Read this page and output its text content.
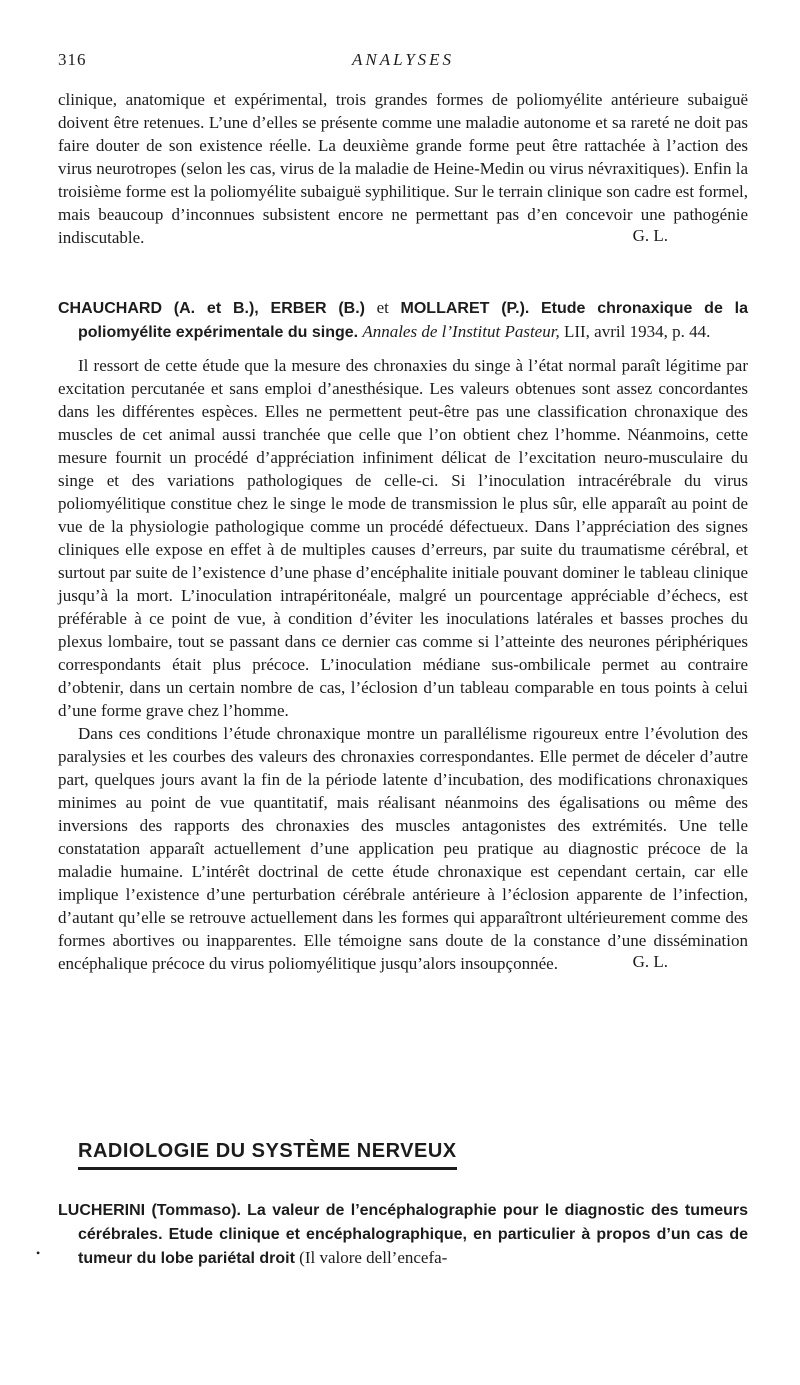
316	ANALYSES

clinique, anatomique et expérimental, trois grandes formes de poliomyélite antérieure subaiguë doivent être retenues. L’une d’elles se présente comme une maladie autonome et sa rareté ne doit pas faire douter de son existence réelle. La deuxième grande forme peut être rattachée à l’action des virus neurotropes (selon les cas, virus de la maladie de Heine-Medin ou virus névraxitiques). Enfin la troisième forme est la poliomyélite subaiguë syphilitique. Sur le terrain clinique son cadre est formel, mais beaucoup d’inconnues subsistent encore ne permettant pas d’en concevoir une pathogénie indiscutable.	G. L.

CHAUCHARD (A. et B.), ERBER (B.) et MOLLARET (P.). Etude chronaxique de la poliomyélite expérimentale du singe. Annales de l’Institut Pasteur, LII, avril 1934, p. 44.

Il ressort de cette étude que la mesure des chronaxies du singe à l’état normal paraît légitime par excitation percutanée et sans emploi d’anesthésique. Les valeurs obtenues sont assez concordantes dans les différentes espèces. Elles ne permettent peut-être pas une classification chronaxique des muscles de cet animal aussi tranchée que celle que l’on obtient chez l’homme. Néanmoins, cette mesure fournit un procédé d’appréciation infiniment délicat de l’excitation neuro-musculaire du singe et des variations pathologiques de celle-ci. Si l’inoculation intracérébrale du virus poliomyélitique constitue chez le singe le mode de transmission le plus sûr, elle apparaît au point de vue de la physiologie pathologique comme un procédé défectueux. Dans l’appréciation des signes cliniques elle expose en effet à de multiples causes d’erreurs, par suite du traumatisme cérébral, et surtout par suite de l’existence d’une phase d’encéphalite initiale pouvant dominer le tableau clinique jusqu’à la mort. L’inoculation intrapéritonéale, malgré un pourcentage appréciable d’échecs, est préférable à ce point de vue, à condition d’éviter les inoculations latérales et basses proches du plexus lombaire, tout se passant dans ce dernier cas comme si l’atteinte des neurones périphériques correspondants était plus précoce. L’inoculation médiane sus-ombilicale permet au contraire d’obtenir, dans un certain nombre de cas, l’éclosion d’un tableau comparable en tous points à celui d’une forme grave chez l’homme.

Dans ces conditions l’étude chronaxique montre un parallélisme rigoureux entre l’évolution des paralysies et les courbes des valeurs des chronaxies correspondantes. Elle permet de déceler d’autre part, quelques jours avant la fin de la période latente d’incubation, des modifications chronaxiques minimes au point de vue quantitatif, mais réalisant néanmoins des égalisations ou même des inversions des rapports des chronaxies des muscles antagonistes des extrémités. Une telle constatation apparaît actuellement d’une application peu pratique au diagnostic précoce de la maladie humaine. L’intérêt doctrinal de cette étude chronaxique est cependant certain, car elle implique l’existence d’une perturbation cérébrale antérieure à l’éclosion apparente de l’infection, d’autant qu’elle se retrouve actuellement dans les formes qui apparaîtront ultérieurement comme des formes abortives ou inapparentes. Elle témoigne sans doute de la constance d’une dissémination encéphalique précoce du virus poliomyélitique jusqu’alors insoupçonnée.	G. L.
RADIOLOGIE DU SYSTÈME NERVEUX
•

LUCHERINI (Tommaso). La valeur de l’encéphalographie pour le diagnostic des tumeurs cérébrales. Etude clinique et encéphalographique, en particulier à propos d’un cas de tumeur du lobe pariétal droit (Il valore dell’encefa-
